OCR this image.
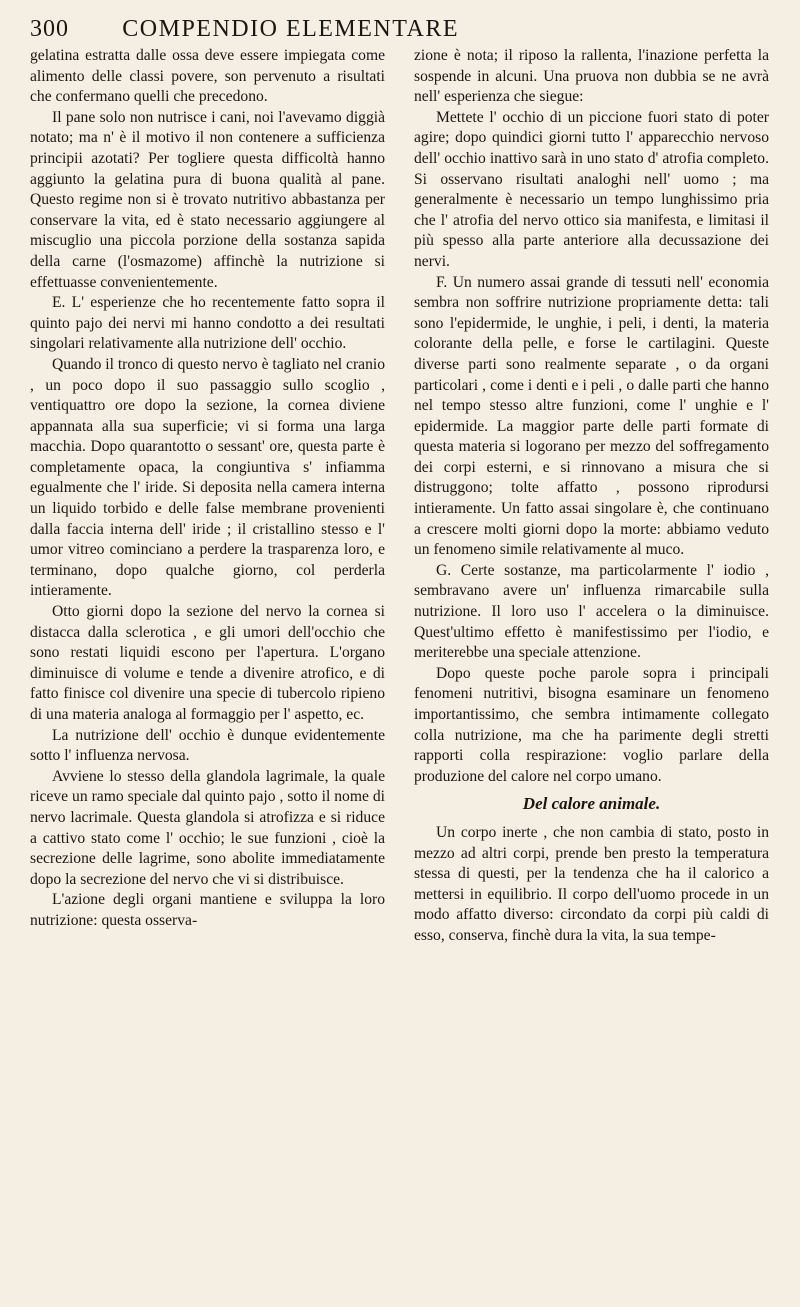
300 COMPENDIO ELEMENTARE

gelatina estratta dalle ossa deve essere impiegata come alimento delle classi povere, son pervenuto a risultati che confermano quelli che precedono.

Il pane solo non nutrisce i cani, noi l'avevamo diggià notato; ma n' è il motivo il non contenere a sufficienza principii azotati? Per togliere questa difficoltà hanno aggiunto la gelatina pura di buona qualità al pane. Questo regime non si è trovato nutritivo abbastanza per conservare la vita, ed è stato necessario aggiungere al miscuglio una piccola porzione della sostanza sapida della carne (l'osmazome) affinchè la nutrizione si effettuasse convenientemente.

E. L' esperienze che ho recentemente fatto sopra il quinto pajo dei nervi mi hanno condotto a dei resultati singolari relativamente alla nutrizione dell' occhio.

Quando il tronco di questo nervo è tagliato nel cranio , un poco dopo il suo passaggio sullo scoglio , ventiquattro ore dopo la sezione, la cornea diviene appannata alla sua superficie; vi si forma una larga macchia. Dopo quarantotto o sessant' ore, questa parte è completamente opaca, la congiuntiva s' infiamma egualmente che l' iride. Si deposita nella camera interna un liquido torbido e delle false membrane provenienti dalla faccia interna dell' iride ; il cristallino stesso e l' umor vitreo cominciano a perdere la trasparenza loro, e terminano, dopo qualche giorno, col perderla intieramente.

Otto giorni dopo la sezione del nervo la cornea si distacca dalla sclerotica , e gli umori dell'occhio che sono restati liquidi escono per l'apertura. L'organo diminuisce di volume e tende a divenire atrofico, e di fatto finisce col divenire una specie di tubercolo ripieno di una materia analoga al formaggio per l' aspetto, ec.

La nutrizione dell' occhio è dunque evidentemente sotto l' influenza nervosa.

Avviene lo stesso della glandola lagrimale, la quale riceve un ramo speciale dal quinto pajo , sotto il nome di nervo lacrimale. Questa glandola si atrofizza e si riduce a cattivo stato come l' occhio; le sue funzioni , cioè la secrezione delle lagrime, sono abolite immediatamente dopo la secrezione del nervo che vi si distribuisce.

L'azione degli organi mantiene e sviluppa la loro nutrizione: questa osserva-

zione è nota; il riposo la rallenta, l'inazione perfetta la sospende in alcuni. Una pruova non dubbia se ne avrà nell' esperienza che siegue:

Mettete l' occhio di un piccione fuori stato di poter agire; dopo quindici giorni tutto l' apparecchio nervoso dell' occhio inattivo sarà in uno stato d' atrofia completo. Si osservano risultati analoghi nell' uomo ; ma generalmente è necessario un tempo lunghissimo pria che l' atrofia del nervo ottico sia manifesta, e limitasi il più spesso alla parte anteriore alla decussazione dei nervi.

F. Un numero assai grande di tessuti nell' economia sembra non soffrire nutrizione propriamente detta: tali sono l'epidermide, le unghie, i peli, i denti, la materia colorante della pelle, e forse le cartilagini. Queste diverse parti sono realmente separate , o da organi particolari , come i denti e i peli , o dalle parti che hanno nel tempo stesso altre funzioni, come l' unghie e l' epidermide. La maggior parte delle parti formate di questa materia si logorano per mezzo del soffregamento dei corpi esterni, e si rinnovano a misura che si distruggono; tolte affatto , possono riprodursi intieramente. Un fatto assai singolare è, che continuano a crescere molti giorni dopo la morte: abbiamo veduto un fenomeno simile relativamente al muco.

G. Certe sostanze, ma particolarmente l' iodio , sembravano avere un' influenza rimarcabile sulla nutrizione. Il loro uso l' accelera o la diminuisce. Quest'ultimo effetto è manifestissimo per l'iodio, e meriterebbe una speciale attenzione.

Dopo queste poche parole sopra i principali fenomeni nutritivi, bisogna esaminare un fenomeno importantissimo, che sembra intimamente collegato colla nutrizione, ma che ha parimente degli stretti rapporti colla respirazione: voglio parlare della produzione del calore nel corpo umano.

Del calore animale.

Un corpo inerte , che non cambia di stato, posto in mezzo ad altri corpi, prende ben presto la temperatura stessa di questi, per la tendenza che ha il calorico a mettersi in equilibrio. Il corpo dell'uomo procede in un modo affatto diverso: circondato da corpi più caldi di esso, conserva, finchè dura la vita, la sua tempe-
